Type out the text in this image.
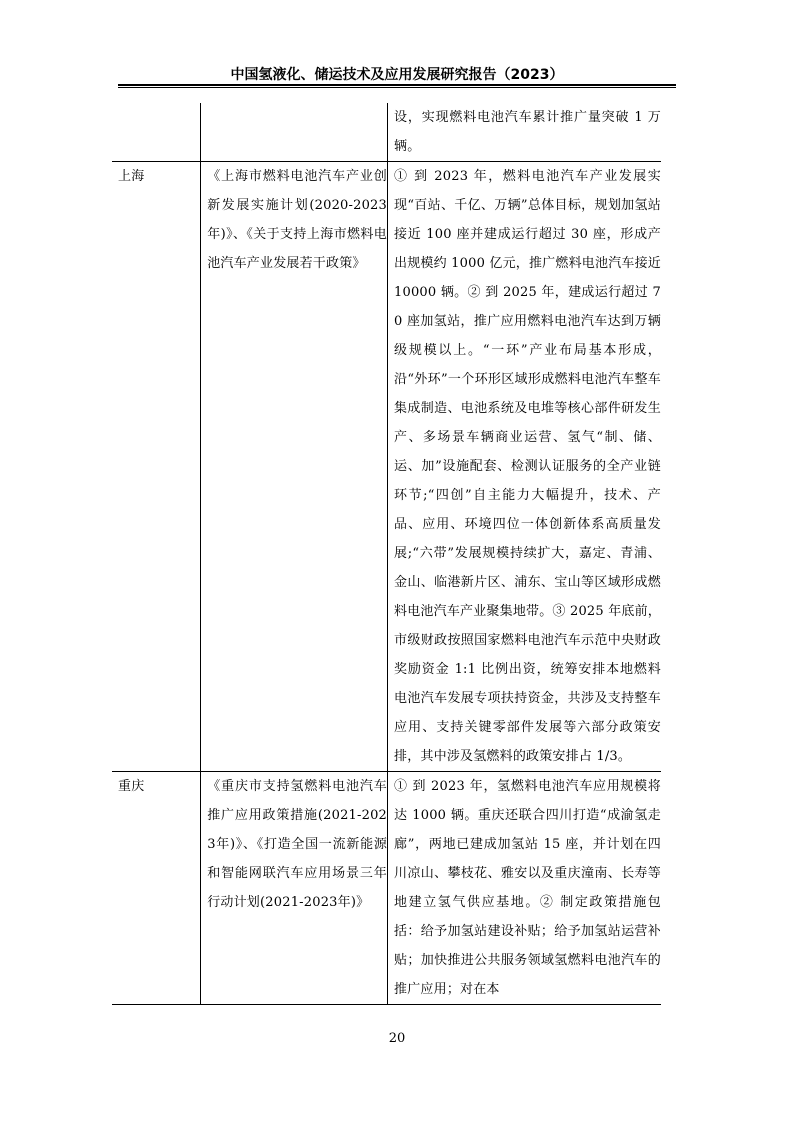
中国氢液化、储运技术及应用发展研究报告（2023）

		设，实现燃料电池汽车累计推广量突破 1 万辆。

上海	《上海市燃料电池汽车产业创新发展实施计划(2020-2023年)》、《关于支持上海市燃料电池汽车产业发展若干政策》	① 到 2023 年，燃料电池汽车产业发展实现“百站、千亿、万辆”总体目标，规划加氢站接近 100 座并建成运行超过 30 座，形成产出规模约 1000 亿元，推广燃料电池汽车接近 10000 辆。② 到 2025 年，建成运行超过 70 座加氢站，推广应用燃料电池汽车达到万辆级规模以上。“一环”产业布局基本形成，沿“外环”一个环形区域形成燃料电池汽车整车集成制造、电池系统及电堆等核心部件研发生产、多场景车辆商业运营、氢气“制、储、运、加”设施配套、检测认证服务的全产业链环节;“四创”自主能力大幅提升，技术、产品、应用、环境四位一体创新体系高质量发展;“六带”发展规模持续扩大，嘉定、青浦、金山、临港新片区、浦东、宝山等区域形成燃料电池汽车产业聚集地带。③ 2025 年底前，市级财政按照国家燃料电池汽车示范中央财政奖励资金 1:1 比例出资，统筹安排本地燃料电池汽车发展专项扶持资金，共涉及支持整车应用、支持关键零部件发展等六部分政策安排，其中涉及氢燃料的政策安排占 1/3。

重庆	《重庆市支持氢燃料电池汽车推广应用政策措施(2021-2023年)》、《打造全国一流新能源和智能网联汽车应用场景三年行动计划(2021-2023年)》	① 到 2023 年，氢燃料电池汽车应用规模将达 1000 辆。重庆还联合四川打造“成渝氢走廊”，两地已建成加氢站 15 座，并计划在四川凉山、攀枝花、雅安以及重庆潼南、长寿等地建立氢气供应基地。② 制定政策措施包括：给予加氢站建设补贴；给予加氢站运营补贴；加快推进公共服务领域氢燃料电池汽车的推广应用；对在本
20
